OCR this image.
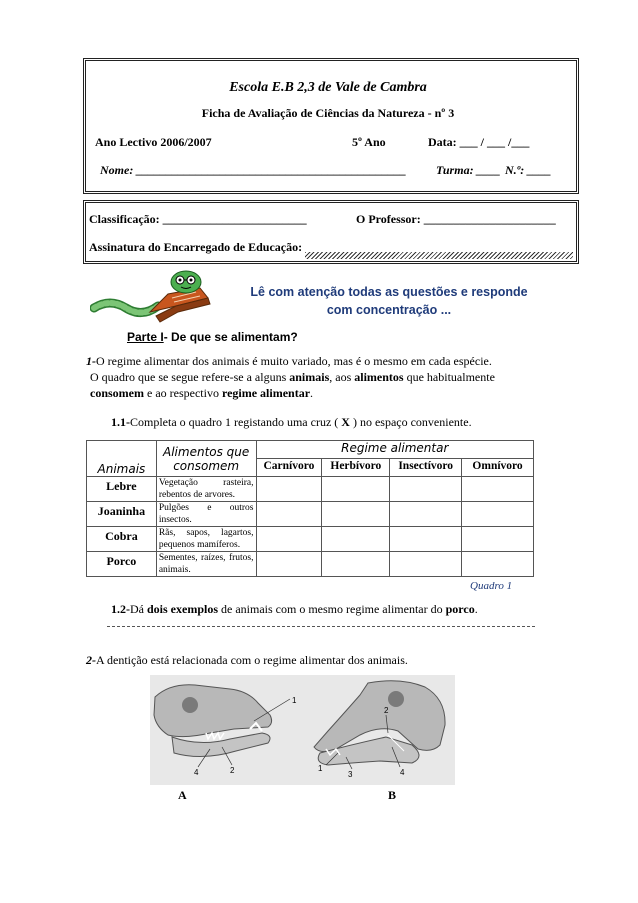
Escola E.B 2,3 de Vale de Cambra
Ficha de Avaliação de Ciências da Natureza - nº 3
Ano Lectivo 2006/2007	5º Ano	Data: ___ / ___ /___
Nome: _____________________________________________ Turma: ____ N.º: ____
Classificação: ________________________	O Professor: ______________________
Assinatura do Encarregado de Educação:
Lê com atenção todas as questões e responde
com concentração ...
Parte I- De que se alimentam?
1-O regime alimentar dos animais é muito variado, mas é o mesmo em cada espécie.
O quadro que se segue refere-se a alguns animais, aos alimentos que habitualmente
consomem e ao respectivo regime alimentar.
1.1-Completa o quadro 1 registando uma cruz ( X ) no espaço conveniente.
Animais	Alimentos que consomem	Regime alimentar			
		Carnívoro	Herbívoro	Insectívoro	Omnívoro
Lebre	Vegetação rasteira, rebentos de arvores.				
Joaninha	Pulgões e outros insectos.				
Cobra	Rãs, sapos, lagartos, pequenos mamíferos.				
Porco	Sementes, raízes, frutos, animais.				
Quadro 1
1.2-Dá dois exemplos de animais com o mesmo regime alimentar do porco.
2-A dentição está relacionada com o regime alimentar dos animais.
1
2
4	1
2
3	4
A	B
